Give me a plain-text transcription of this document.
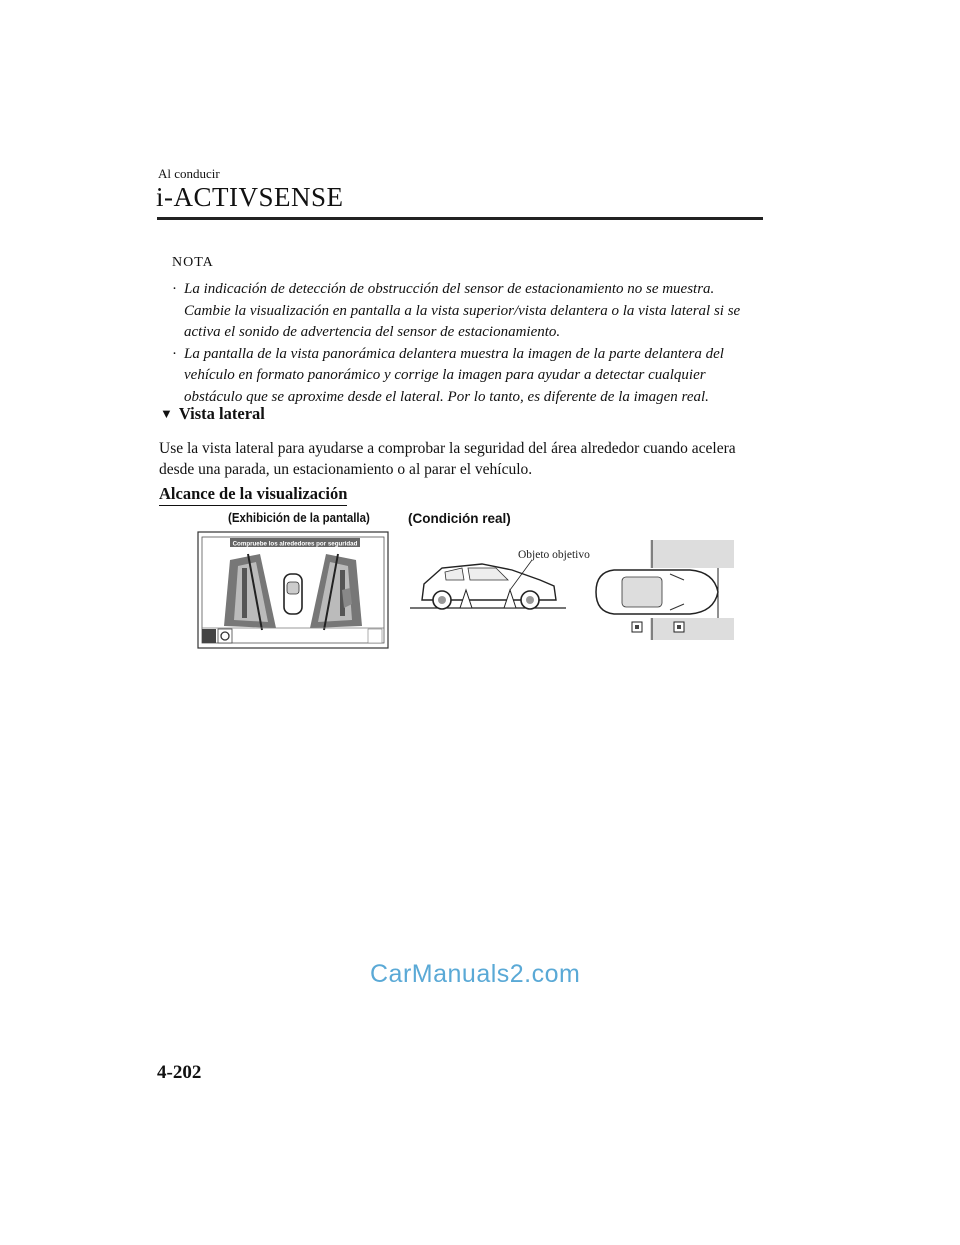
Al conducir
i-ACTIVSENSE
NOTA
· La indicación de detección de obstrucción del sensor de estacionamiento no se muestra. Cambie la visualización en pantalla a la vista superior/vista delantera o la vista lateral si se activa el sonido de advertencia del sensor de estacionamiento.
· La pantalla de la vista panorámica delantera muestra la imagen de la parte delantera del vehículo en formato panorámico y corrige la imagen para ayudar a detectar cualquier obstáculo que se aproxime desde el lateral. Por lo tanto, es diferente de la imagen real.
▼ Vista lateral
Use la vista lateral para ayudarse a comprobar la seguridad del área alrededor cuando acelera desde una parada, un estacionamiento o al parar el vehículo.
Alcance de la visualización
(Exhibición de la pantalla)	(Condición real)
Compruebe los alrededores por seguridad
Objeto objetivo
CarManuals2.com
4-202
